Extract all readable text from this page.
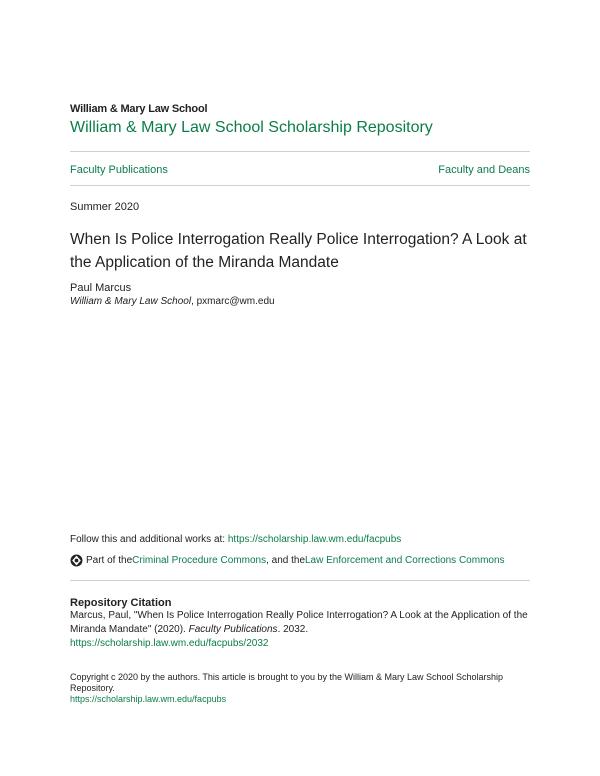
William & Mary Law School
William & Mary Law School Scholarship Repository
Faculty Publications	Faculty and Deans
Summer 2020
When Is Police Interrogation Really Police Interrogation? A Look at the Application of the Miranda Mandate
Paul Marcus
William & Mary Law School, pxmarc@wm.edu
Follow this and additional works at: https://scholarship.law.wm.edu/facpubs
Part of the Criminal Procedure Commons , and the Law Enforcement and Corrections Commons
Repository Citation
Marcus, Paul, "When Is Police Interrogation Really Police Interrogation? A Look at the Application of the Miranda Mandate" (2020). Faculty Publications. 2032.
https://scholarship.law.wm.edu/facpubs/2032
Copyright c 2020 by the authors. This article is brought to you by the William & Mary Law School Scholarship Repository.
https://scholarship.law.wm.edu/facpubs
